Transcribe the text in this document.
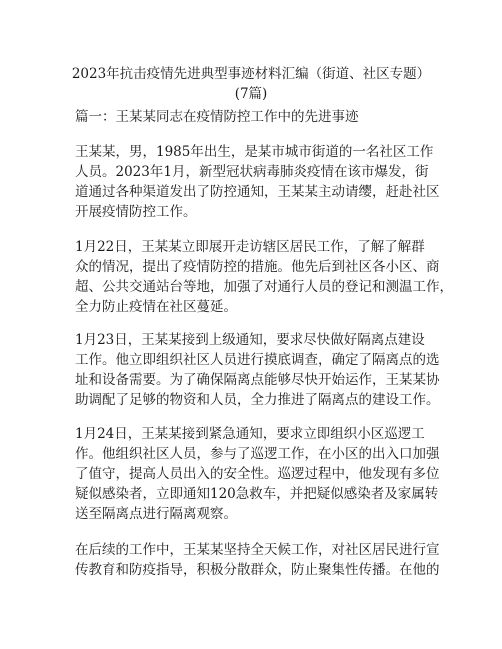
2023年抗击疫情先进典型事迹材料汇编（街道、社区专题）
(7篇)
篇一：王某某同志在疫情防控工作中的先进事迹
王某某，男，1985年出生，是某市城市街道的一名社区工作
人员。2023年1月，新型冠状病毒肺炎疫情在该市爆发，街
道通过各种渠道发出了防控通知，王某某主动请缨，赶赴社区
开展疫情防控工作。
1月22日，王某某立即展开走访辖区居民工作，了解了解群
众的情况，提出了疫情防控的措施。他先后到社区各小区、商
超、公共交通站台等地，加强了对通行人员的登记和测温工作，
全力防止疫情在社区蔓延。
1月23日，王某某接到上级通知，要求尽快做好隔离点建设
工作。他立即组织社区人员进行摸底调查，确定了隔离点的选
址和设备需要。为了确保隔离点能够尽快开始运作，王某某协
助调配了足够的物资和人员，全力推进了隔离点的建设工作。
1月24日，王某某接到紧急通知，要求立即组织小区巡逻工
作。他组织社区人员，参与了巡逻工作，在小区的出入口加强
了值守，提高人员出入的安全性。巡逻过程中，他发现有多位
疑似感染者，立即通知120急救车，并把疑似感染者及家属转
送至隔离点进行隔离观察。
在后续的工作中，王某某坚持全天候工作，对社区居民进行宣
传教育和防疫指导，积极分散群众，防止聚集性传播。在他的
